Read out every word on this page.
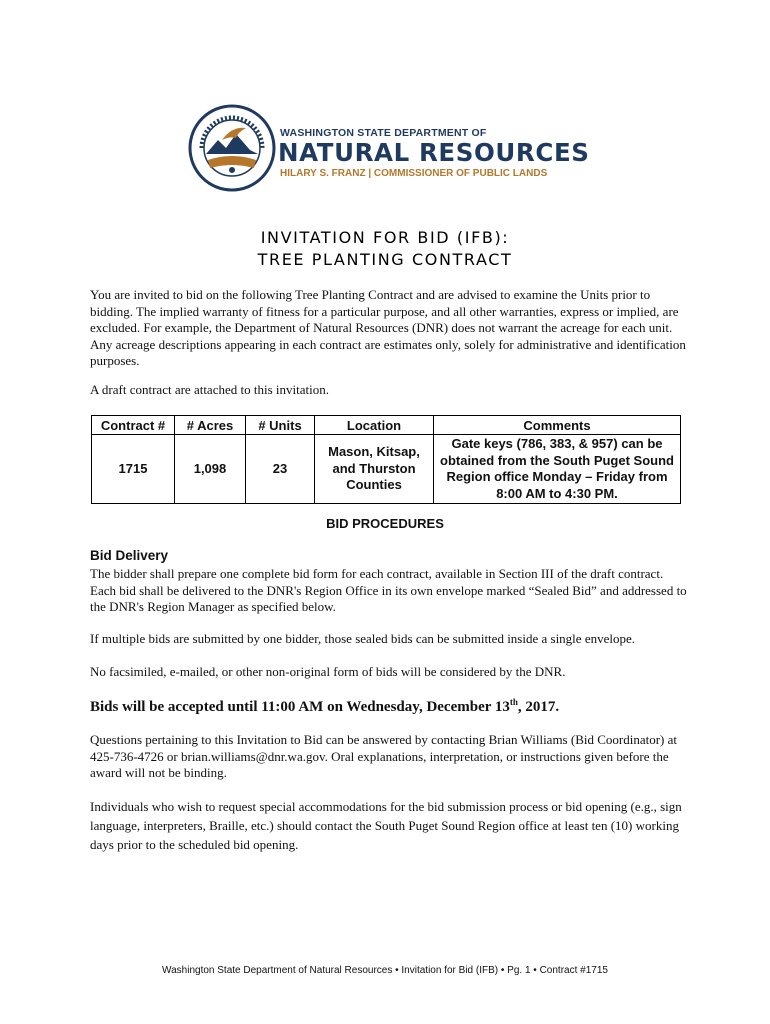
WASHINGTON STATE DEPARTMENT OF
NATURAL RESOURCES
HILARY S. FRANZ | COMMISSIONER OF PUBLIC LANDS
INVITATION FOR BID (IFB):
TREE PLANTING CONTRACT
You are invited to bid on the following Tree Planting Contract and are advised to examine the Units prior to bidding. The implied warranty of fitness for a particular purpose, and all other warranties, express or implied, are excluded. For example, the Department of Natural Resources (DNR) does not warrant the acreage for each unit. Any acreage descriptions appearing in each contract are estimates only, solely for administrative and identification purposes.
A draft contract are attached to this invitation.
Contract #	# Acres	# Units	Location	Comments
1715	1,098	23	Mason, Kitsap, and Thurston Counties	Gate keys (786, 383, & 957) can be obtained from the South Puget Sound Region office Monday – Friday from 8:00 AM to 4:30 PM.
BID PROCEDURES
Bid Delivery
The bidder shall prepare one complete bid form for each contract, available in Section III of the draft contract. Each bid shall be delivered to the DNR's Region Office in its own envelope marked “Sealed Bid” and addressed to the DNR's Region Manager as specified below.
If multiple bids are submitted by one bidder, those sealed bids can be submitted inside a single envelope.
No facsimiled, e-mailed, or other non-original form of bids will be considered by the DNR.
Bids will be accepted until 11:00 AM on Wednesday, December 13th, 2017.
Questions pertaining to this Invitation to Bid can be answered by contacting Brian Williams (Bid Coordinator) at 425-736-4726 or brian.williams@dnr.wa.gov. Oral explanations, interpretation, or instructions given before the award will not be binding.
Individuals who wish to request special accommodations for the bid submission process or bid opening (e.g., sign language, interpreters, Braille, etc.) should contact the South Puget Sound Region office at least ten (10) working days prior to the scheduled bid opening.
Washington State Department of Natural Resources • Invitation for Bid (IFB) • Pg. 1 • Contract #1715
